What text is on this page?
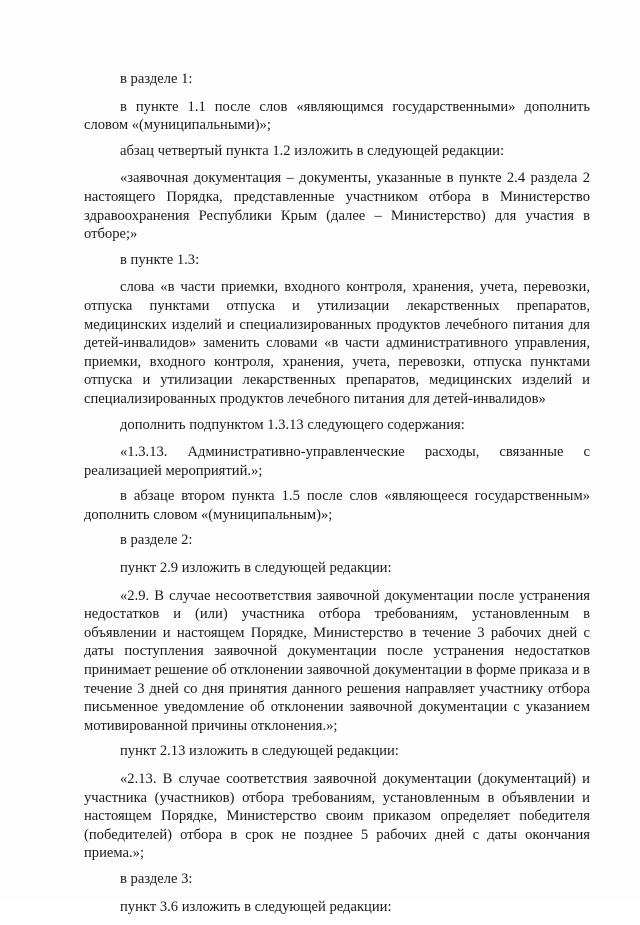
в разделе 1:

в пункте 1.1 после слов «являющимся государственными» дополнить словом «(муниципальными)»;

абзац четвертый пункта 1.2 изложить в следующей редакции:

«заявочная документация – документы, указанные в пункте 2.4 раздела 2 настоящего Порядка, представленные участником отбора в Министерство здравоохранения Республики Крым (далее – Министерство) для участия в отборе;»

в пункте 1.3:

слова «в части приемки, входного контроля, хранения, учета, перевозки, отпуска пунктами отпуска и утилизации лекарственных препаратов, медицинских изделий и специализированных продуктов лечебного питания для детей-инвалидов» заменить словами «в части административного управления, приемки, входного контроля, хранения, учета, перевозки, отпуска пунктами отпуска и утилизации лекарственных препаратов, медицинских изделий и специализированных продуктов лечебного питания для детей-инвалидов»

дополнить подпунктом 1.3.13 следующего содержания:

«1.3.13. Административно-управленческие расходы, связанные с реализацией мероприятий.»;

в абзаце втором пункта 1.5 после слов «являющееся государственным» дополнить словом «(муниципальным)»;

в разделе 2:

пункт 2.9 изложить в следующей редакции:

«2.9. В случае несоответствия заявочной документации после устранения недостатков и (или) участника отбора требованиям, установленным в объявлении и настоящем Порядке, Министерство в течение 3 рабочих дней с даты поступления заявочной документации после устранения недостатков принимает решение об отклонении заявочной документации в форме приказа и в течение 3 дней со дня принятия данного решения направляет участнику отбора письменное уведомление об отклонении заявочной документации с указанием мотивированной причины отклонения.»;

пункт 2.13 изложить в следующей редакции:

«2.13. В случае соответствия заявочной документации (документаций) и участника (участников) отбора требованиям, установленным в объявлении и настоящем Порядке, Министерство своим приказом определяет победителя (победителей) отбора в срок не позднее 5 рабочих дней с даты окончания приема.»;

в разделе 3:

пункт 3.6 изложить в следующей редакции:
